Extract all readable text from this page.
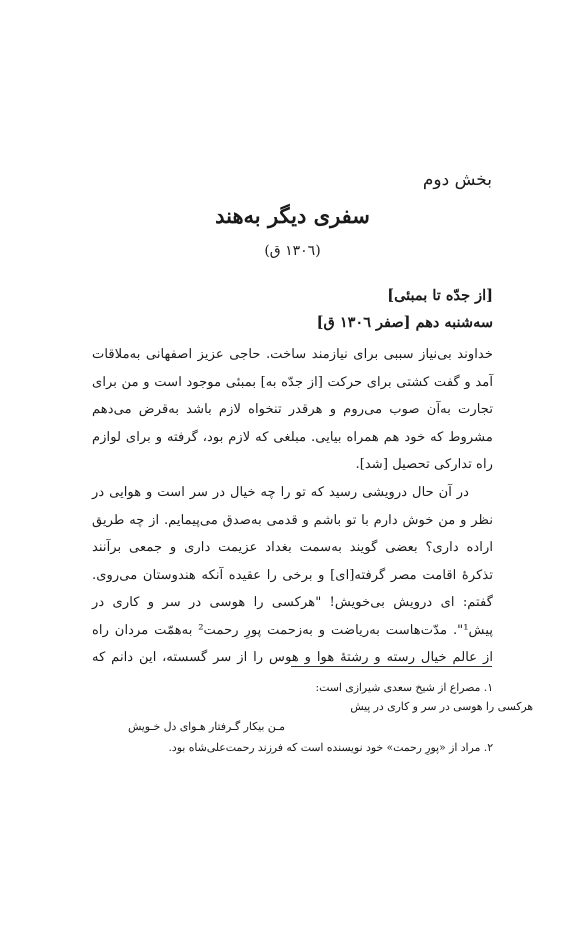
بخش دوم
سفری دیگر به‌هند
(۱۳۰٦ ق)
[از جدّه تا بمبئی]
سه‌شنبه دهم [صفر ۱۳۰٦ ق]
خداوند بی‌نیاز سببی برای نیازمند ساخت. حاجی عزیز اصفهانی به‌ملاقات
آمد و گفت کشتی برای حرکت [از جدّه به] بمبئی موجود است و من برای
تجارت به‌آن صوب می‌روم و هرقدر تنخواه لازم باشد به‌قرض می‌دهم
مشروط که خود هم همراه بیایی. مبلغی که لازم بود، گرفته و برای لوازم
راه تدارکی تحصیل [شد].
در آن حال درویشی رسید که تو را چه خیال در سر است و هوایی در
نظر و من خوش دارم با تو باشم و قدمی به‌صدق می‌پیمایم. از چه طریق
اراده داری؟ بعضی گویند به‌سمت بغداد عزیمت داری و جمعی برآنند
تذکرهٔ اقامت مصر گرفته[ای] و برخی را عقیده آنکه هندوستان می‌روی.
گفتم: ای درویش بی‌خویش! "هرکسی را هوسی در سر و کاری در
پیش¹". مدّت‌هاست به‌ریاضت و به‌زحمت پورِ رحمت² به‌همّت مردان راه
از عالم خیال رسته و رشتهٔ هوا و هوس را از سر گسسته، این دانم که
۱. مصراع از شیخ سعدی شیرازی است:
هرکسی را هوسی در سر و کاری در پیش
مـن بیکار گـرفتار هـوای دل خـویش
۲. مراد از «پورِ رحمت» خود نویسنده است که فرزند رحمت‌علی‌شاه بود.
